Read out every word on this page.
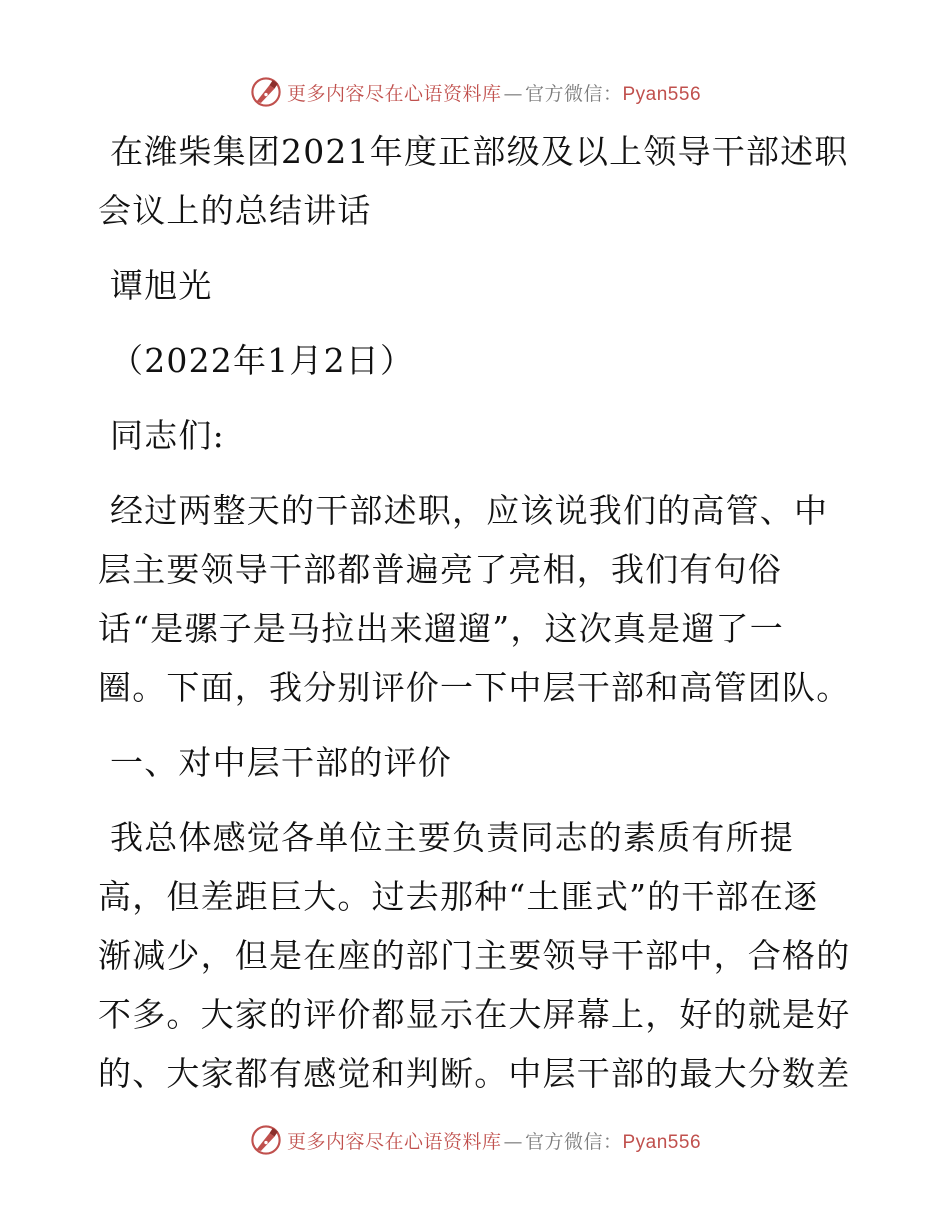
更多内容尽在心语资料库 — 官方微信：Pyan556
在潍柴集团2021年度正部级及以上领导干部述职
会议上的总结讲话
谭旭光
（2022年1月2日）
同志们:
经过两整天的干部述职，应该说我们的高管、中
层主要领导干部都普遍亮了亮相，我们有句俗
话“是骡子是马拉出来遛遛”，这次真是遛了一
圈。下面，我分别评价一下中层干部和高管团队。
一、对中层干部的评价
我总体感觉各单位主要负责同志的素质有所提
高，但差距巨大。过去那种“土匪式”的干部在逐
渐减少，但是在座的部门主要领导干部中，合格的
不多。大家的评价都显示在大屏幕上，好的就是好
的、大家都有感觉和判断。中层干部的最大分数差
更多内容尽在心语资料库 — 官方微信：Pyan556
